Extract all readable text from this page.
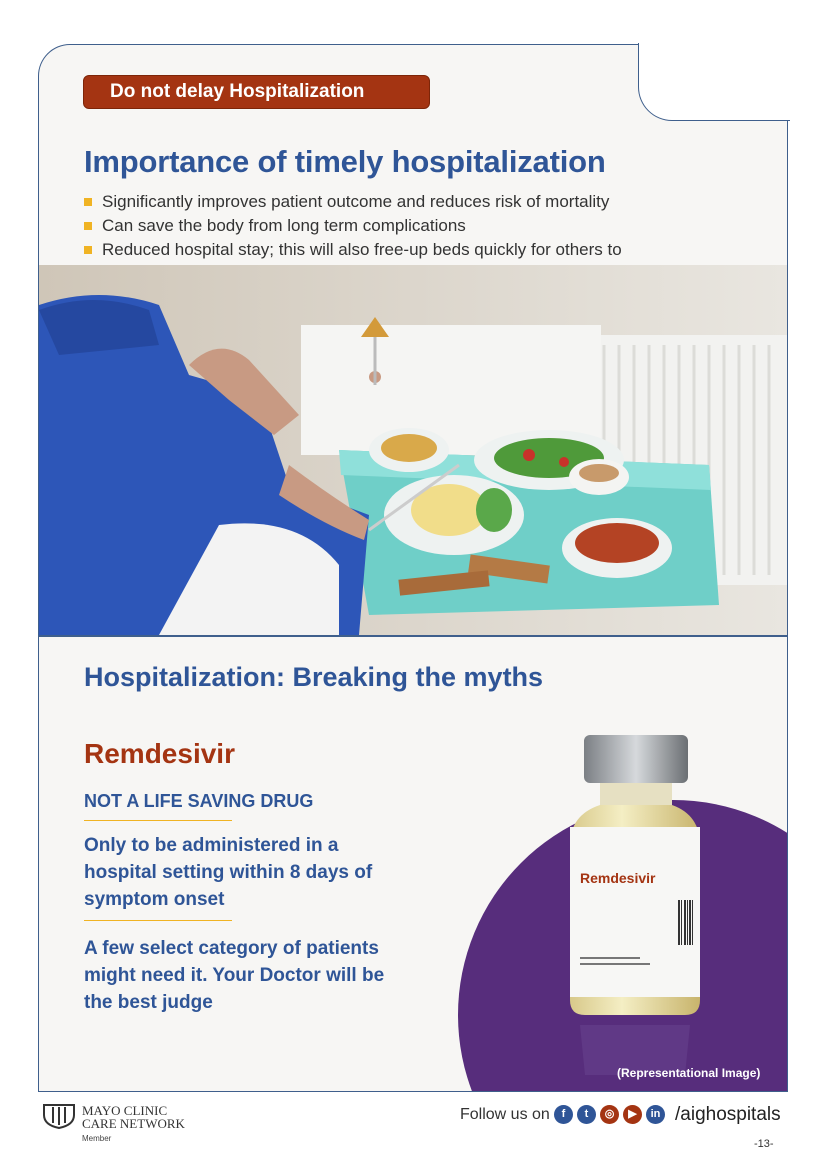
Do not delay Hospitalization
Importance of timely hospitalization
Significantly improves patient outcome and reduces risk of mortality
Can save the body from long term complications
Reduced hospital stay; this will also free-up beds quickly for others to
Hospitalization: Breaking the myths
Remdesivir
NOT A LIFE SAVING DRUG
Only to be administered in a hospital setting within 8 days of symptom onset
A few select category of patients might need it. Your Doctor will be the best judge
Remdesivir
(Representational Image)
MAYO CLINIC
CARE NETWORK
Member
Follow us on	f	t	◎	▶	in /aighospitals
-13-
